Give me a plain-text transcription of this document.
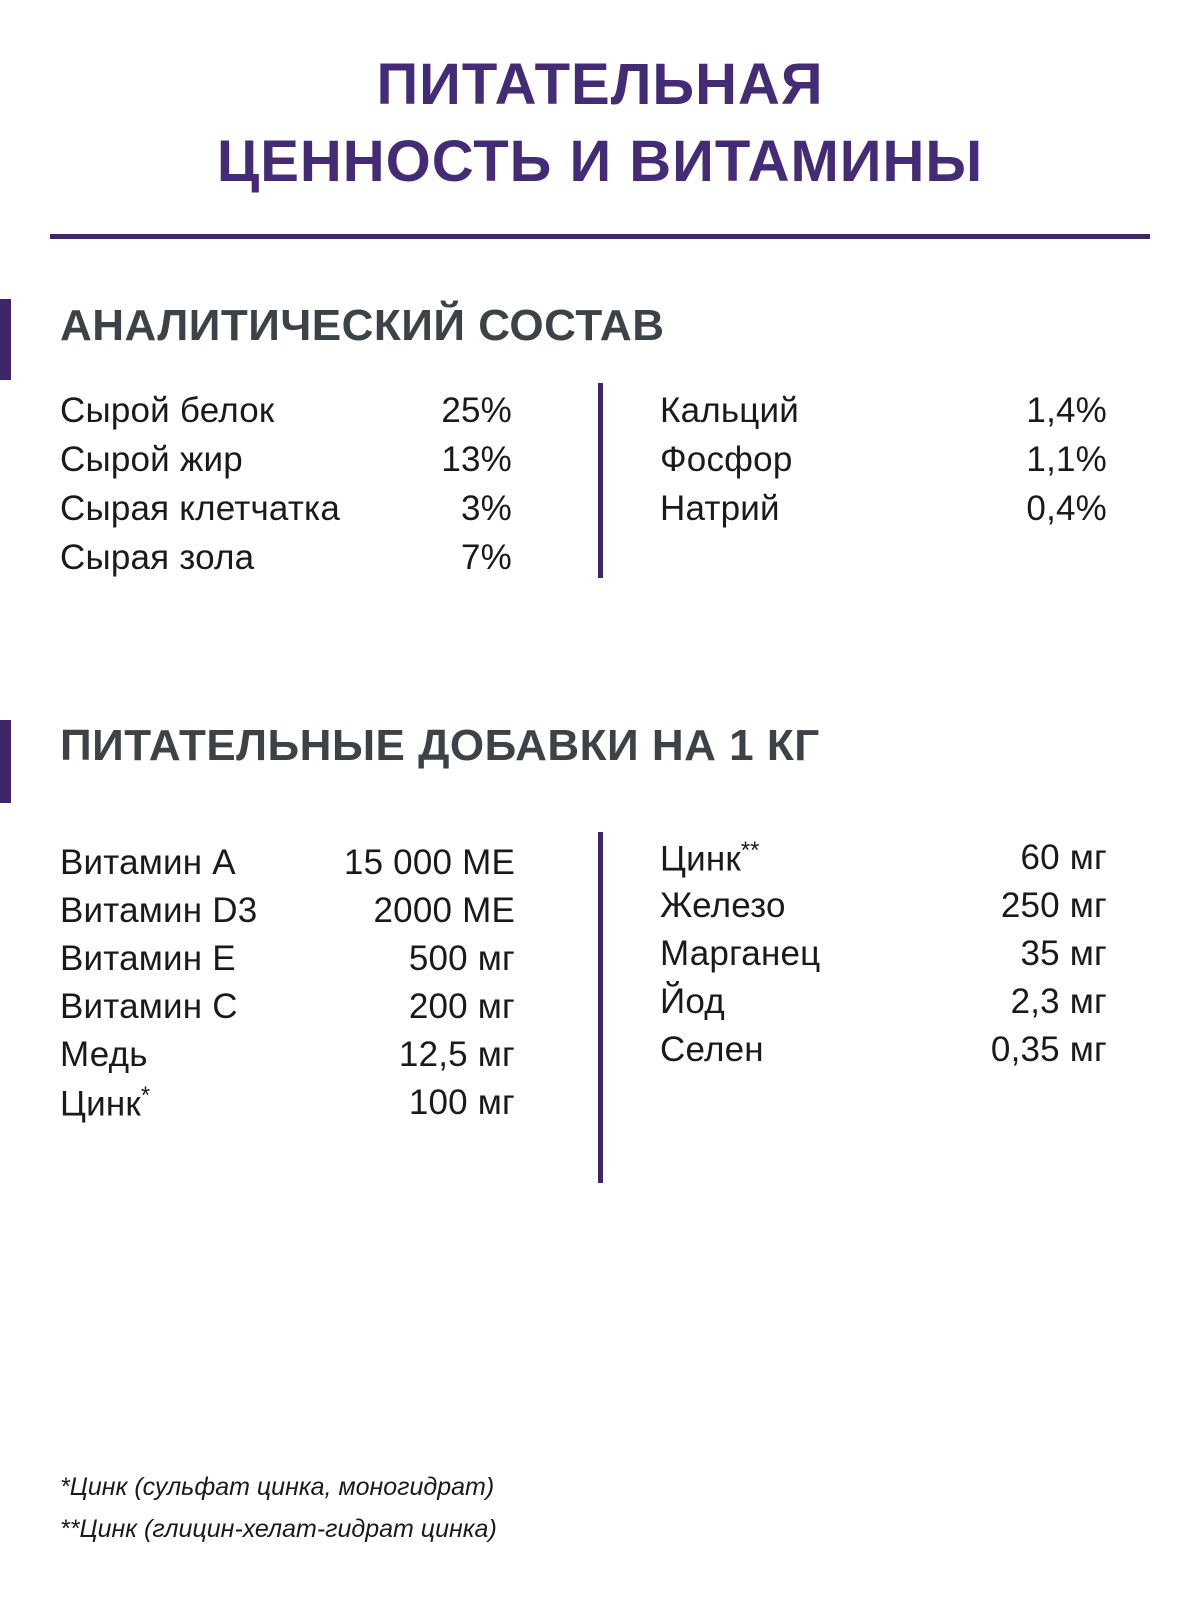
ПИТАТЕЛЬНАЯ
ЦЕННОСТЬ И ВИТАМИНЫ
АНАЛИТИЧЕСКИЙ СОСТАВ
Сырой белок	25%
Сырой жир	13%
Сырая клетчатка	3%
Сырая зола	7%
Кальций	1,4%
Фосфор	1,1%
Натрий	0,4%
ПИТАТЕЛЬНЫЕ ДОБАВКИ НА 1 КГ
Витамин A	15 000 МЕ
Витамин D3	2000 МЕ
Витамин E	500 мг
Витамин C	200 мг
Медь	12,5 мг
Цинк*	100 мг
Цинк**	60 мг
Железо	250 мг
Марганец	35 мг
Йод	2,3 мг
Селен	0,35 мг
*Цинк (сульфат цинка, моногидрат)
**Цинк (глицин-хелат-гидрат цинка)
